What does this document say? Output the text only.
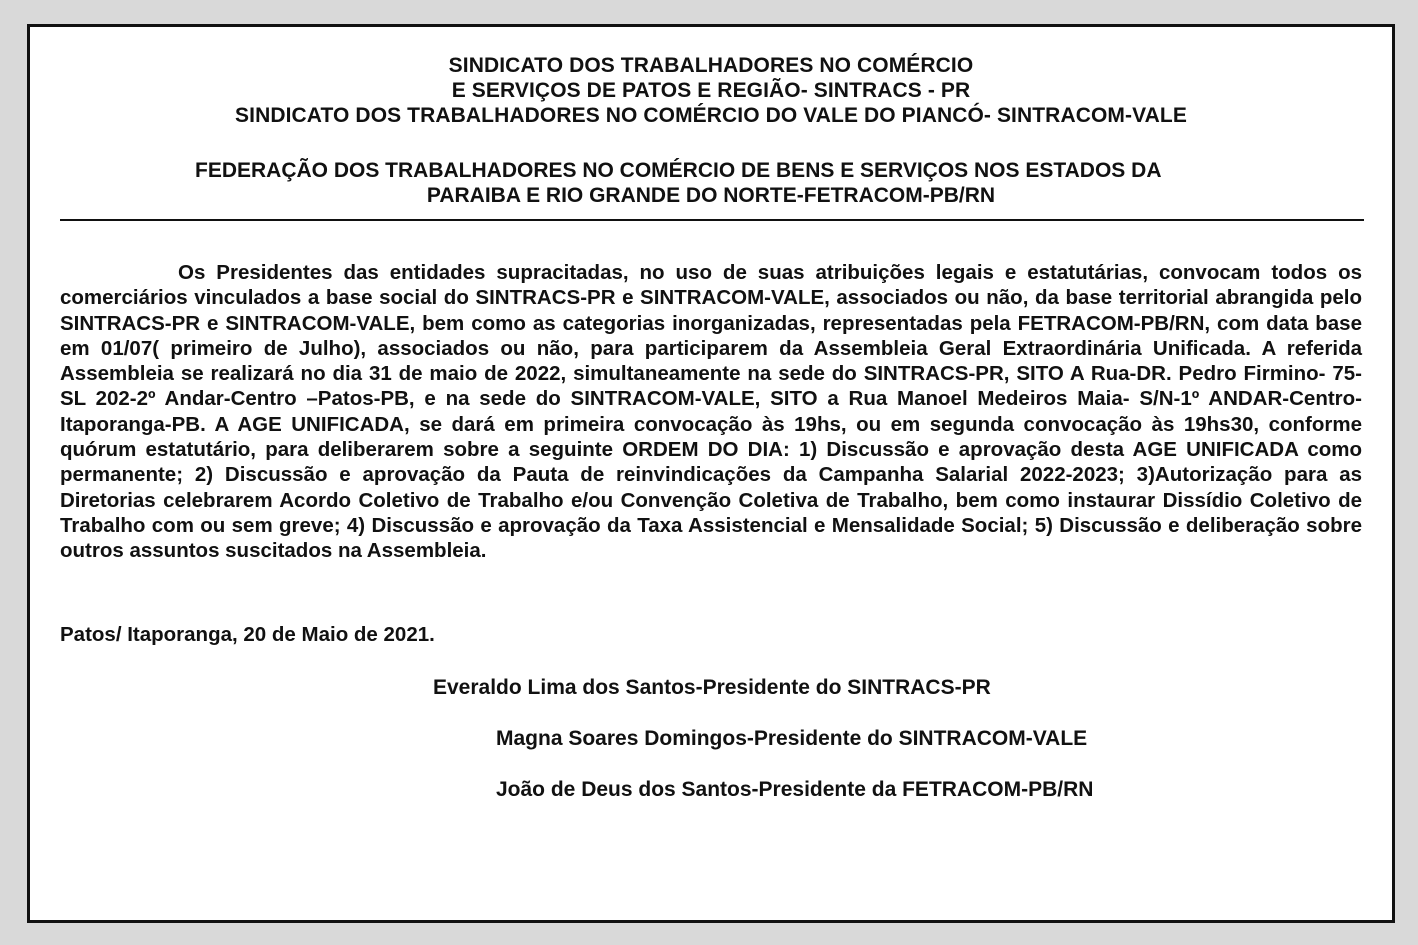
SINDICATO DOS TRABALHADORES NO COMÉRCIO
E SERVIÇOS DE PATOS E REGIÃO- SINTRACS - PR
SINDICATO DOS TRABALHADORES NO COMÉRCIO DO VALE DO PIANCÓ- SINTRACOM-VALE
FEDERAÇÃO DOS TRABALHADORES NO COMÉRCIO DE BENS E SERVIÇOS NOS ESTADOS DA
PARAIBA E RIO GRANDE DO NORTE-FETRACOM-PB/RN

Os Presidentes das entidades supracitadas, no uso de suas atribuições legais e estatutárias, convocam todos os comerciários vinculados a base social do SINTRACS-PR e SINTRACOM-VALE, associados ou não, da base territorial abrangida pelo SINTRACS-PR e SINTRACOM-VALE, bem como as categorias inorganizadas, representadas pela FETRACOM-PB/RN, com data base em 01/07( primeiro de Julho), associados ou não, para participarem da Assembleia Geral Extraordinária Unificada. A referida Assembleia se realizará no dia 31 de maio de 2022, simultaneamente na sede do SINTRACS-PR, SITO A Rua-DR. Pedro Firmino- 75-SL 202-2º Andar-Centro –Patos-PB, e na sede do SINTRACOM-VALE, SITO a Rua Manoel Medeiros Maia- S/N-1º ANDAR-Centro-Itaporanga-PB. A AGE UNIFICADA, se dará em primeira convocação às 19hs, ou em segunda convocação às 19hs30, conforme quórum estatutário, para deliberarem sobre a seguinte ORDEM DO DIA: 1) Discussão e aprovação desta AGE UNIFICADA como permanente; 2) Discussão e aprovação da Pauta de reinvindicações da Campanha Salarial 2022-2023; 3)Autorização para as Diretorias celebrarem Acordo Coletivo de Trabalho e/ou Convenção Coletiva de Trabalho, bem como instaurar Dissídio Coletivo de Trabalho com ou sem greve; 4) Discussão e aprovação da Taxa Assistencial e Mensalidade Social; 5) Discussão e deliberação sobre outros assuntos suscitados na Assembleia.

Patos/ Itaporanga, 20 de Maio de 2021.
Everaldo Lima dos Santos-Presidente do SINTRACS-PR
Magna Soares Domingos-Presidente do SINTRACOM-VALE
João de Deus dos Santos-Presidente da FETRACOM-PB/RN
